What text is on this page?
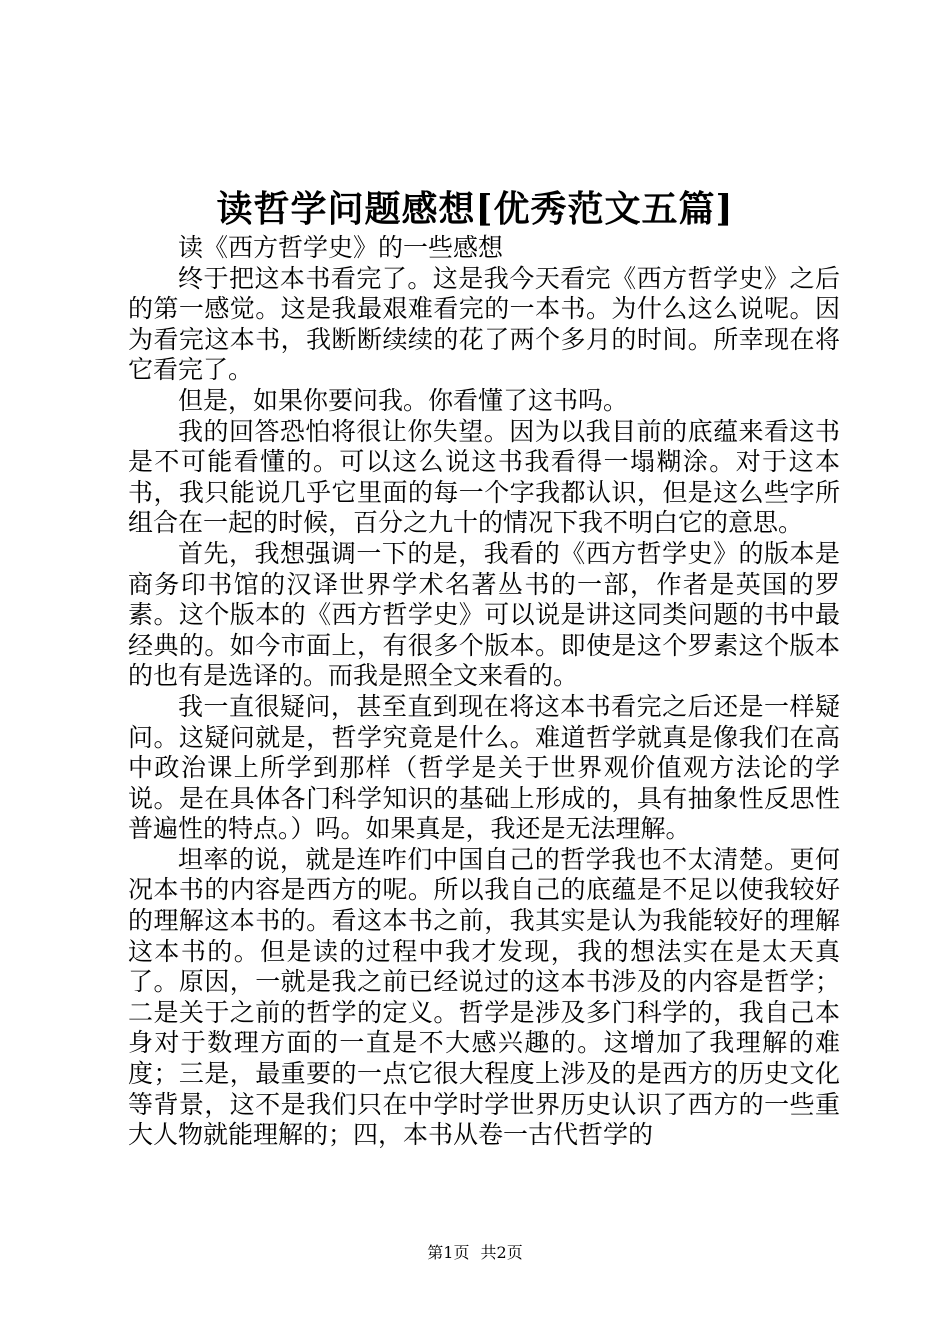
读哲学问题感想[优秀范文五篇]

读《西方哲学史》的一些感想

终于把这本书看完了。这是我今天看完《西方哲学史》之后的第一感觉。这是我最艰难看完的一本书。为什么这么说呢。因为看完这本书，我断断续续的花了两个多月的时间。所幸现在将它看完了。

但是，如果你要问我。你看懂了这书吗。

我的回答恐怕将很让你失望。因为以我目前的底蕴来看这书是不可能看懂的。可以这么说这书我看得一塌糊涂。对于这本书，我只能说几乎它里面的每一个字我都认识，但是这么些字所组合在一起的时候，百分之九十的情况下我不明白它的意思。

首先，我想强调一下的是，我看的《西方哲学史》的版本是商务印书馆的汉译世界学术名著丛书的一部，作者是英国的罗素。这个版本的《西方哲学史》可以说是讲这同类问题的书中最经典的。如今市面上，有很多个版本。即使是这个罗素这个版本的也有是选译的。而我是照全文来看的。

我一直很疑问，甚至直到现在将这本书看完之后还是一样疑问。这疑问就是，哲学究竟是什么。难道哲学就真是像我们在高中政治课上所学到那样（哲学是关于世界观价值观方法论的学说。是在具体各门科学知识的基础上形成的，具有抽象性反思性普遍性的特点。）吗。如果真是，我还是无法理解。

坦率的说，就是连咋们中国自己的哲学我也不太清楚。更何况本书的内容是西方的呢。所以我自己的底蕴是不足以使我较好的理解这本书的。看这本书之前，我其实是认为我能较好的理解这本书的。但是读的过程中我才发现，我的想法实在是太天真了。原因，一就是我之前已经说过的这本书涉及的内容是哲学；二是关于之前的哲学的定义。哲学是涉及多门科学的，我自己本身对于数理方面的一直是不大感兴趣的。这增加了我理解的难度；三是，最重要的一点它很大程度上涉及的是西方的历史文化等背景，这不是我们只在中学时学世界历史认识了西方的一些重大人物就能理解的；四，本书从卷一古代哲学的

第1页 共2页
